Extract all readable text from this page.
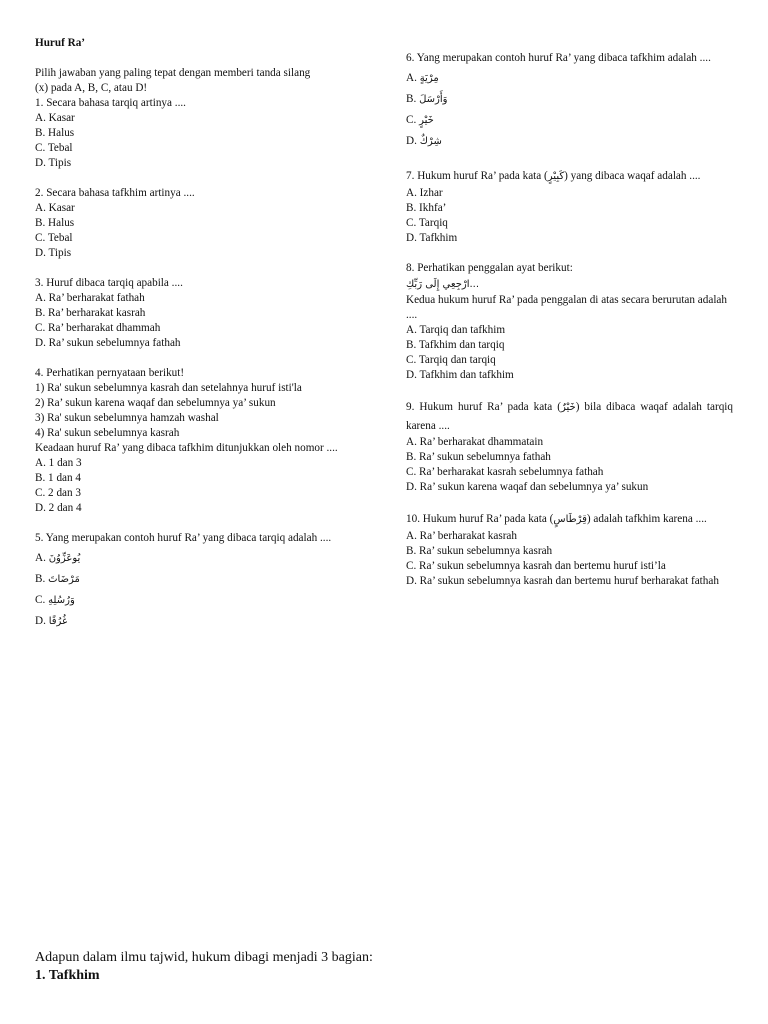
Huruf Ra’

Pilih jawaban yang paling tepat dengan memberi tanda silang

(x) pada A, B, C, atau D!

1. Secara bahasa tarqiq artinya ....

A. Kasar

B. Halus

C. Tebal

D. Tipis

2. Secara bahasa tafkhim artinya ....

A. Kasar

B. Halus

C. Tebal

D. Tipis

3. Huruf dibaca tarqiq apabila ....

A. Ra’ berharakat fathah

B. Ra’ berharakat kasrah

C. Ra’ berharakat dhammah

D. Ra’ sukun sebelumnya fathah

4. Perhatikan pernyataan berikut!

1) Ra' sukun sebelumnya kasrah dan setelahnya huruf isti'la

2) Ra’ sukun karena waqaf dan sebelumnya ya’ sukun

3) Ra' sukun sebelumnya hamzah washal

4) Ra' sukun sebelumnya kasrah

Keadaan huruf Ra’ yang dibaca tafkhim ditunjukkan oleh nomor ....

A. 1 dan 3

B. 1 dan 4

C. 2 dan 3

D. 2 dan 4

5. Yang merupakan contoh huruf Ra’ yang dibaca tarqiq adalah ....

A. يُوعَزِّوُنَ

B. مَرْضَاتَ

C. وَرُسُلِهِ

D. غُرُفًا

6. Yang merupakan contoh huruf Ra’ yang dibaca tafkhim adalah ....

A. مِرْيَةٍ

B. وَأَرْسَلَ

C. خَيْرٍ

D. شِرْكٌ

7. Hukum huruf Ra’ pada kata (كَبِيْرٍ) yang dibaca waqaf adalah ....

A. Izhar

B. Ikhfa’

C. Tarqiq

D. Tafkhim

8. Perhatikan penggalan ayat berikut:

...ارْجِعِي إِلَى رَبِّكِ

Kedua hukum huruf Ra’ pada penggalan di atas secara berurutan adalah ....

A. Tarqiq dan tafkhim

B. Tafkhim dan tarqiq

C. Tarqiq dan tarqiq

D. Tafkhim dan tafkhim

9. Hukum huruf Ra’ pada kata (خَيْرٌ) bila dibaca waqaf adalah tarqiq karena ....

A. Ra’ berharakat dhammatain

B. Ra’ sukun sebelumnya fathah

C. Ra’ berharakat kasrah sebelumnya fathah

D. Ra’ sukun karena waqaf dan sebelumnya ya’ sukun

10. Hukum huruf Ra’ pada kata (قِرْطَاسٍ) adalah tafkhim karena ....

A. Ra’ berharakat kasrah

B. Ra’ sukun sebelumnya kasrah

C. Ra’ sukun sebelumnya kasrah dan bertemu huruf isti’la

D. Ra’ sukun sebelumnya kasrah dan bertemu huruf berharakat fathah

Adapun dalam ilmu tajwid, hukum dibagi menjadi 3 bagian:

1. Tafkhim
